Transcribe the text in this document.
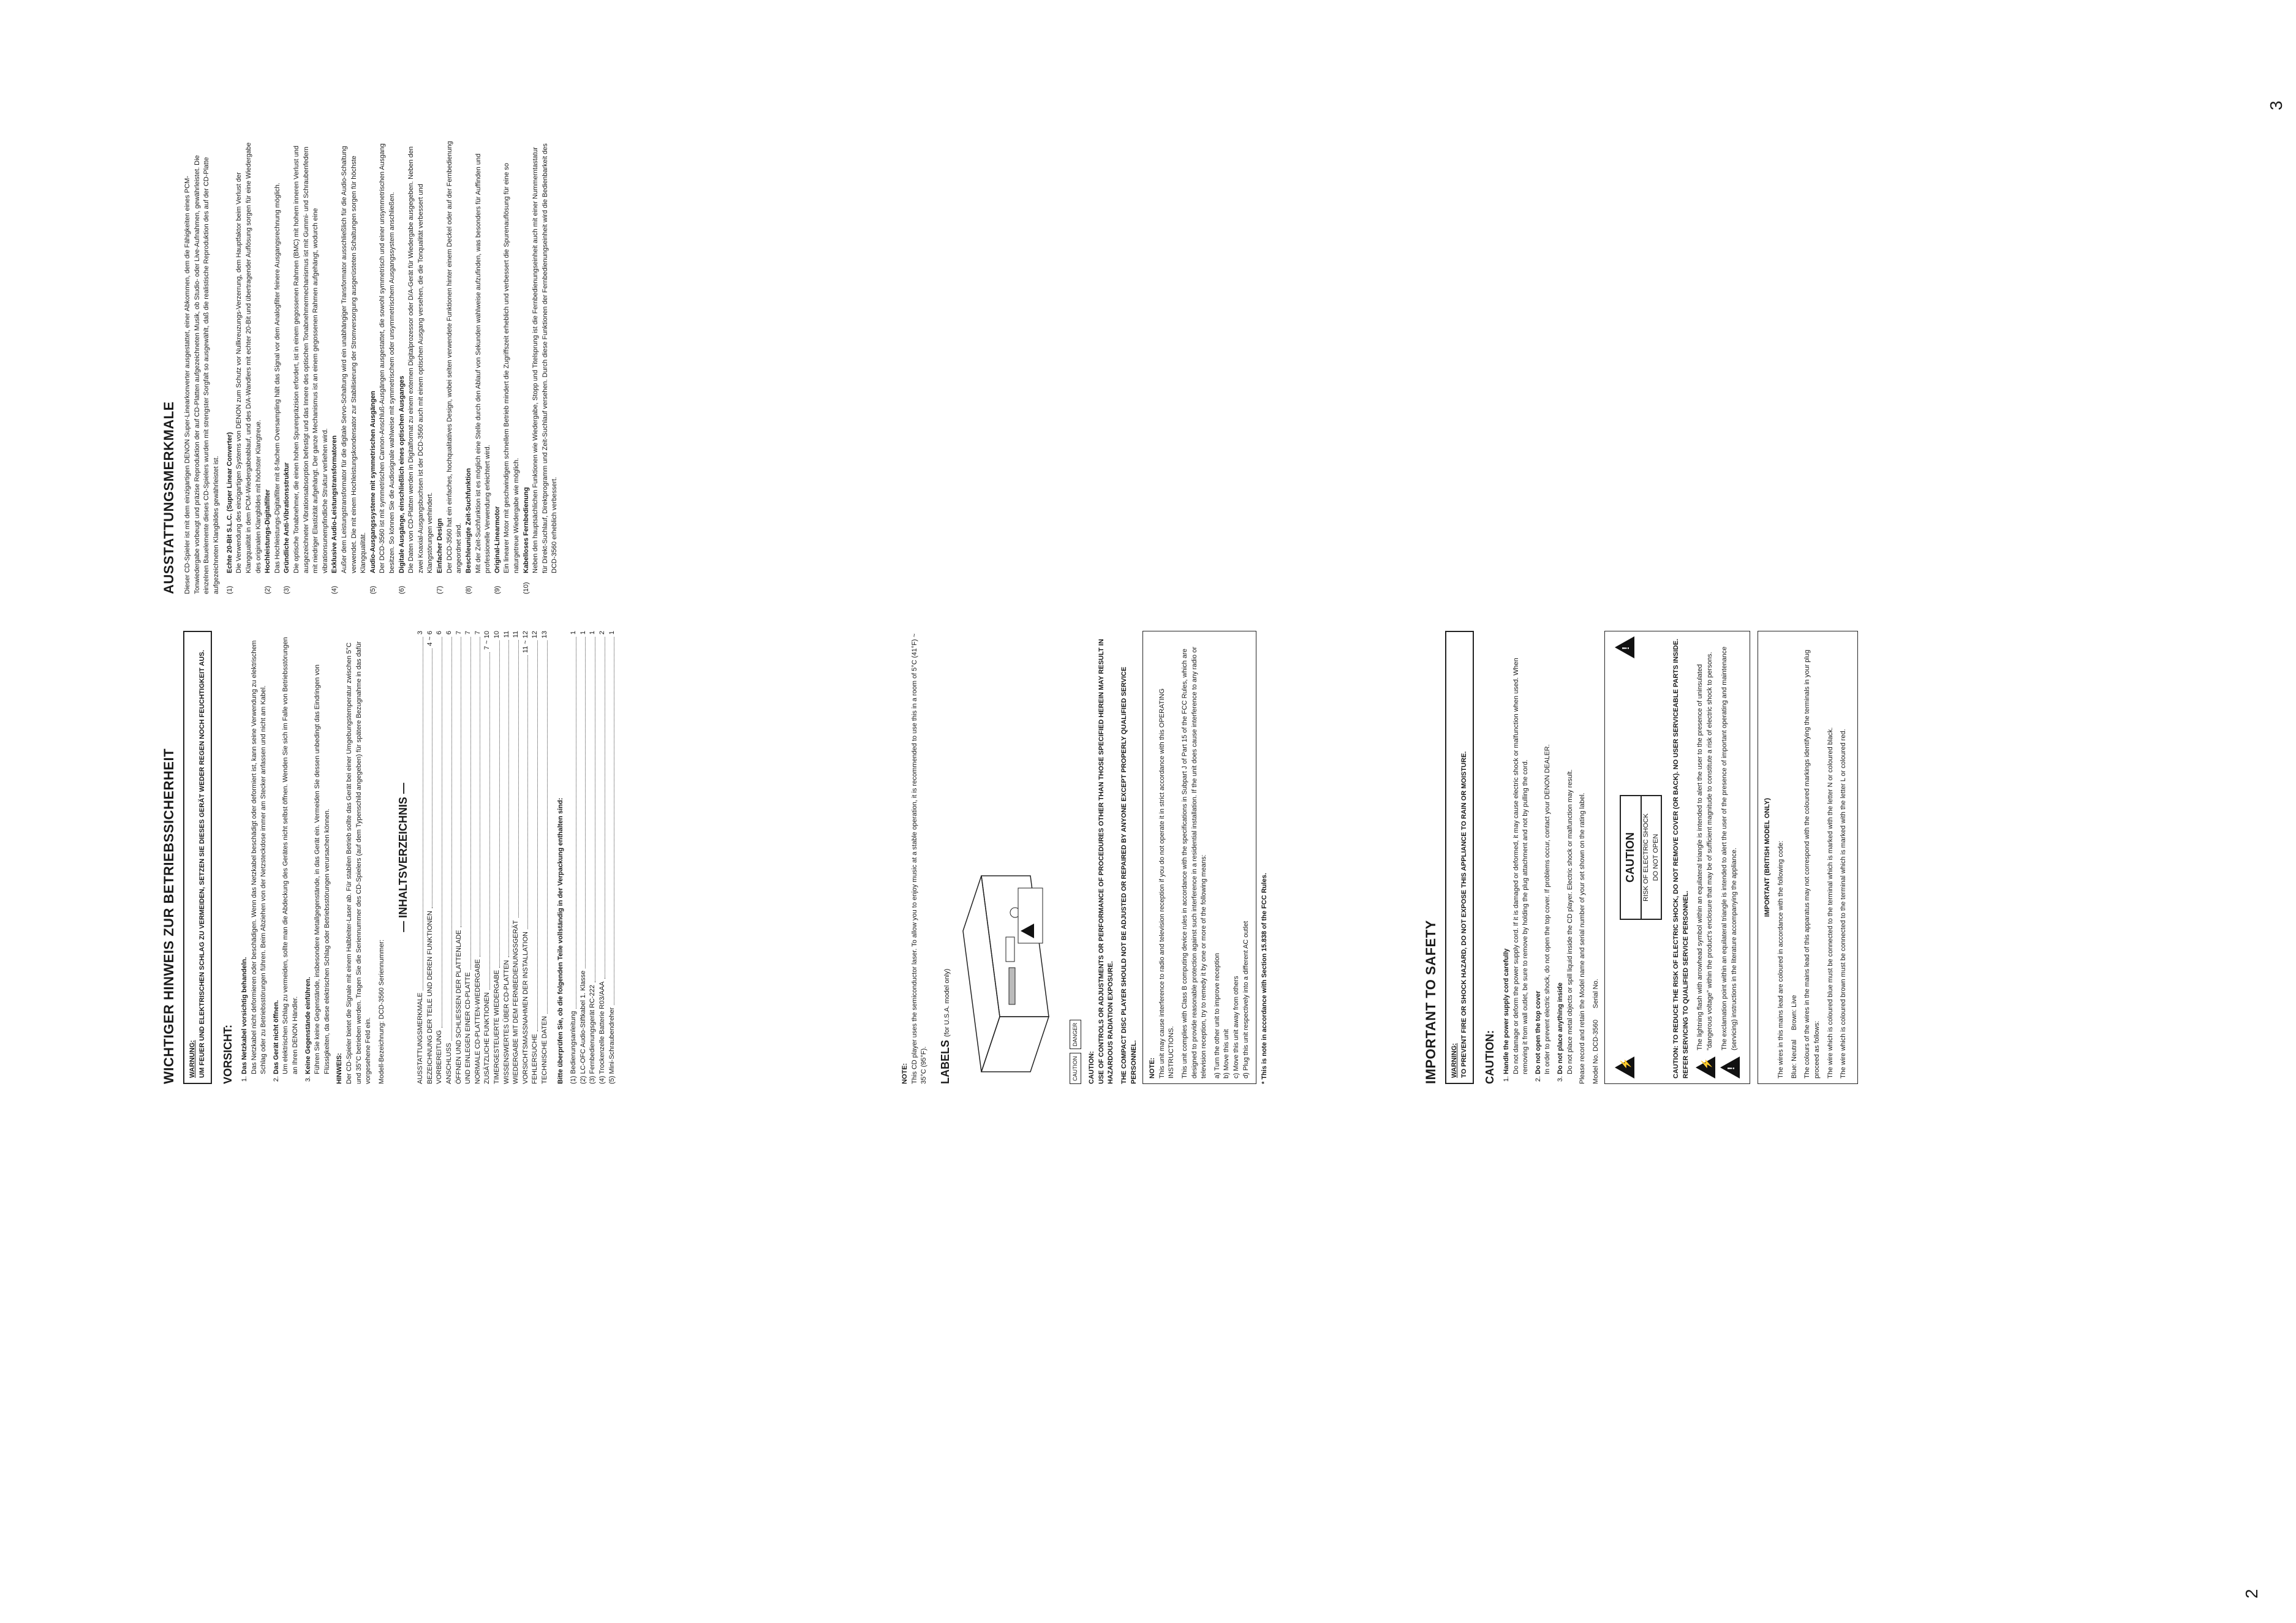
2
3
IMPORTANT TO SAFETY WARNING: TO PREVENT FIRE OR SHOCK HAZARD, DO NOT EXPOSE THIS APPLIANCE TO RAIN OR MOISTURE. CAUTION: 1. Handle the power supply cord carefully Do not damage or deform the power supply cord. If it is damaged or deformed, it may cause electric shock or malfunction when used. When removing it from wall outlet, be sure to remove by holding the plug attachment and not by pulling the cord. 2. Do not open the top cover In order to prevent electric shock, do not open the top cover. If problems occur, contact your DENON DEALER. 3. Do not place anything inside Do not place metal objects or spill liquid inside the CD player. Electric shock or malfunction may result. Please record and retain the Model name and serial number of your set shown on the rating label. Model No. DCD-3560      Serial No.

⚡
CAUTION RISK OF ELECTRIC SHOCK DO NOT OPEN
!	CAUTION: TO REDUCE THE RISK OF ELECTRIC SHOCK, DO NOT REMOVE COVER (OR BACK). NO USER SERVICEABLE PARTS INSIDE. REFER SERVICING TO QUALIFIED SERVICE PERSONNEL. ⚡
The lightning flash with arrowhead symbol within an equilateral triangle is intended to alert the user to the presence of uninsulated "dangerous voltage" within the product's enclosure that may be of sufficient magnitude to constitute a risk of electric shock to persons.
!
The exclamation point within an equilateral triangle is intended to alert the user of the presence of important operating and maintenance (servicing) instructions in the literature accompanying the appliance.	IMPORTANT (BRITISH MODEL ONLY) The wires in this mains lead are coloured in accordance with the following code: Blue: Neutral     Brown: Live The colours of the wires in the mains lead of this apparatus may not correspond with the coloured markings identifying the terminals in your plug proceed as follows: The wire which is coloured blue must be connected to the terminal which is marked with the letter N or coloured black. The wire which is coloured brown must be connected to the terminal which is marked with the letter L or coloured red.

NOTE: This CD player uses the semiconductor laser. To allow you to enjoy music at a stable operation, it is recommended to use this in a room of 5°C (41°F) ~ 35°C (95°F). LABELS (for U.S.A. model only)
CAUTION
DANGER

CAUTION: USE OF CONTROLS OR ADJUSTMENTS OR PERFORMANCE OF PROCEDURES OTHER THAN THOSE SPECIFIED HEREIN MAY RESULT IN HAZARDOUS RADIATION EXPOSURE. THE COMPACT DISC PLAYER SHOULD NOT BE ADJUSTED OR REPAIRED BY ANYONE EXCEPT PROPERLY QUALIFIED SERVICE PERSONNEL.	NOTE: This unit may cause interference to radio and television reception if you do not operate it in strict accordance with this OPERATING INSTRUCTIONS. This unit complies with Class B computing device rules in accordance with the specifications in Subpart J of Part 15 of the FCC Rules, which are designed to provide reasonable protection against such interference in a residential installation. If the unit does cause interference to any radio or television reception, try to remedy it by one or more of the following means: a) Turn the other unit to improve reception b) Move this unit c) Move this unit away from others d) Plug this unit respectively into a different AC outlet * This is note in accordance with Section 15.838 of the FCC Rules.

WICHTIGER HINWEIS ZUR BETRIEBSSICHERHEIT WARNUNG: UM FEUER UND ELEKTRISCHEN SCHLAG ZU VERMEIDEN, SETZEN SIE DIESES GERÄT WEDER REGEN NOCH FEUCHTIGKEIT AUS. VORSICHT: 1. Das Netzkabel vorsichtig behandeln. Das Netzkabel nicht deformieren oder beschädigen. Wenn das Netzkabel beschädigt oder deformiert ist, kann seine Verwendung zu elektrischem Schlag oder zu Betriebsstörungen führen. Beim Abziehen von der Netzsteckdose immer am Stecker anfassen und nicht am Kabel. 2. Das Gerät nicht öffnen. Um elektrischen Schlag zu vermeiden, sollte man die Abdeckung des Gerätes nicht selbst öffnen. Wenden Sie sich im Falle von Betriebsstörungen an Ihren DENON Händler. 3. Keine Gegenstände einführen. Führen Sie keine Gegenstände, insbesondere Metallgegenstände, in das Gerät ein. Vermeiden Sie dessen unbedingt das Eindringen von Flüssigkeiten, da diese elektrischen Schlag oder Betriebsstörungen verursachen können. HINWEIS: Der CD-Spieler bietet die Signale mit einem Halbleiter-Laser ab. Für stabilen Betrieb sollte das Gerät bei einer Umgebungstemperatur zwischen 5°C und 35°C betrieben werden. Tragen Sie die Seriennummer des CD-Spielers (auf dem Typenschild angegeben) für spätere Bezugnahme in das dafür vorgesehene Feld ein. Modell-Bezeichnung: DCD-3560 Seriennummer:

— INHALTSVERZEICHNIS —
AUSSTATTUNGSMERKMALE
3
BEZEICHNUNG DER TEILE UND DEREN FUNKTIONEN
4 ~ 6
VORBEREITUNG
6
ANSCHLUSS
6
ÖFFNEN UND SCHLIESSEN DER PLATTENLADE
7
UND EINLEGEN EINER CD-PLATTE
7
NORMALE CD-PLATTEN-WIEDERGABE
7
ZUSÄTZLICHE FUNKTIONEN
7 ~ 10
TIMERGESTEUERTE WIEDERGABE
10
WISSENSWERTES ÜBER CD-PLATTEN
11
WIEDERGABE MIT DEM FERNBEDIENUNGSGERÄT
11
VORSICHTSMASSNAHMEN DER INSTALLATION
11 ~ 12
FEHLERSUCHE
12
TECHNISCHE DATEN
13

Bitte überprüfen Sie, ob die folgenden Teile vollständig in der Verpackung enthalten sind: (1) Bedienungsanleitung
1
(2) LC-OFC Audio-Stiftkabel 1. Klasse
1
(3) Fernbedienungsgerät RC-222
1
(4) Trockenzelle Batterie R03/AAA
2
(5) Mini-Schraubendreher
1
AUSSTATTUNGSMERKMALE Dieser CD-Spieler ist mit dem einzigartigen DENON Super-Linearkonverter ausgestattet, einer Abkommen, dem die Fähigkeiten eines PCM-Tonwiedergabe vorbeugt und präzise Reproduktion der auf CD-Platten aufgezeichneten Musik, ob Studio- oder Live-Aufnahmen, gewährleistet. Die einzelnen Bauelemente dieses CD-Spielers wurden mit strengster Sorgfalt so ausgewählt, daß die realistische Reproduktion des auf der CD-Platte aufgezeichneten Klangbildes gewährleistet ist. (1)
Echte 20-Bit S.L.C. (Super Linear Converter) Die Verwendung des einzigartigen Systems von DENON zum Schutz vor Nullkreuzungs-Verzerrung, dem Hauptfaktor beim Verlust der Klangqualität in dem PCM-Wiedergabeablauf, und des D/A-Wandlers mit echter 20-Bit und übertragender Auflösung sorgen für eine Wiedergabe des originalen Klangbildes mit höchster Klangtreue.
(2)
Hochleistungs-Digitalfilter Das Hochleistungs-Digitalfilter mit 8-fachem Oversampling hält das Signal vor dem Analogfilter feinere Ausgangsrechnung möglich.
(3)
Gründliche Anti-Vibrationsstruktur Die optische Tonabnehmer, die einen hohen Spurenpräzision erfordert, ist in einem gegossenen Rahmen (BMC) mit hohem inneren Verlust und ausgezeichneter Vibrationsabsorption befestigt und das Innere des optischen Tonabnehmermechanismus ist mit Gummi- und Schraubenfedern mit niedriger Elastizität aufgehängt. Der ganze Mechanismus ist an einem gegossenen Rahmen aufgehängt, wodurch eine vibrationsunempfindliche Struktur verliehen wird.
(4)
Exklusive Audio-Leistungstransformatoren Außer dem Leistungstransformator für die digitale Servo-Schaltung wird ein unabhängiger Transformator ausschließlich für die Audio-Schaltung verwendet. Die mit einem Hochleistungskondensator zur Stabilisierung der Stromversorgung ausgerüsteten Schaltungen sorgen für höchste Klangqualität.
(5)
Audio-Ausgangssysteme mit symmetrischen Ausgängen Der DCD-3560 ist mit symmetrischen Cannon-Anschluß-Ausgängen ausgestattet, die sowohl symmetrisch und einer unsymmetrischen Ausgang besitzen. So können Sie die Audiosignale wahlweise mit symmetrischem oder unsymmetrischem Ausgangssystem anschließen.
(6)
Digitale Ausgänge, einschließlich eines optischen Ausganges Die Daten von CD-Platten werden in Digitalformat zu einem externen Digitalprozessor oder D/A-Gerät für Wiedergabe ausgegeben. Neben den zwei Koaxial-Ausgangsbuchsen ist der DCD-3560 auch mit einem optischen Ausgang versehen, die die Tonqualität verbessert und Klangstörungen verhindert.
(7)
Einfacher Design Der DCD-3560 hat ein einfaches, hochqualitatives Design, wobei selten verwendete Funktionen hinter einem Deckel oder auf der Fernbedienung angeordnet sind.
(8)
Beschleunigte Zeit-Suchfunktion Mit der Zeit-Suchfunktion ist es möglich eine Stelle durch den Ablauf von Sekunden wahlweise aufzufinden, was besonders für Auffinden und professionelle Verwendung erleichtert wird.
(9)
Original-Linearmotor Ein linearer Motor mit geschwindigem schnellem Betrieb mindert die Zugriffszeit erheblich und verbessert die Spurenauflösung für eine so naturgetreue Wiedergabe wie möglich.
(10)
Kabelloses Fernbedienung Neben den hauptsächlichen Funktionen wie Wiedergabe, Stopp und Titelsprung ist die Fernbedienungseinheit auch mit einer Nummerntastatur für Direkt-Suchlauf, Direktprogramm und Zeit-Suchlauf versehen. Durch diese Funktionen der Fernbedienungseinheit wird die Bedienbarkeit des DCD-3560 erheblich verbessert.
